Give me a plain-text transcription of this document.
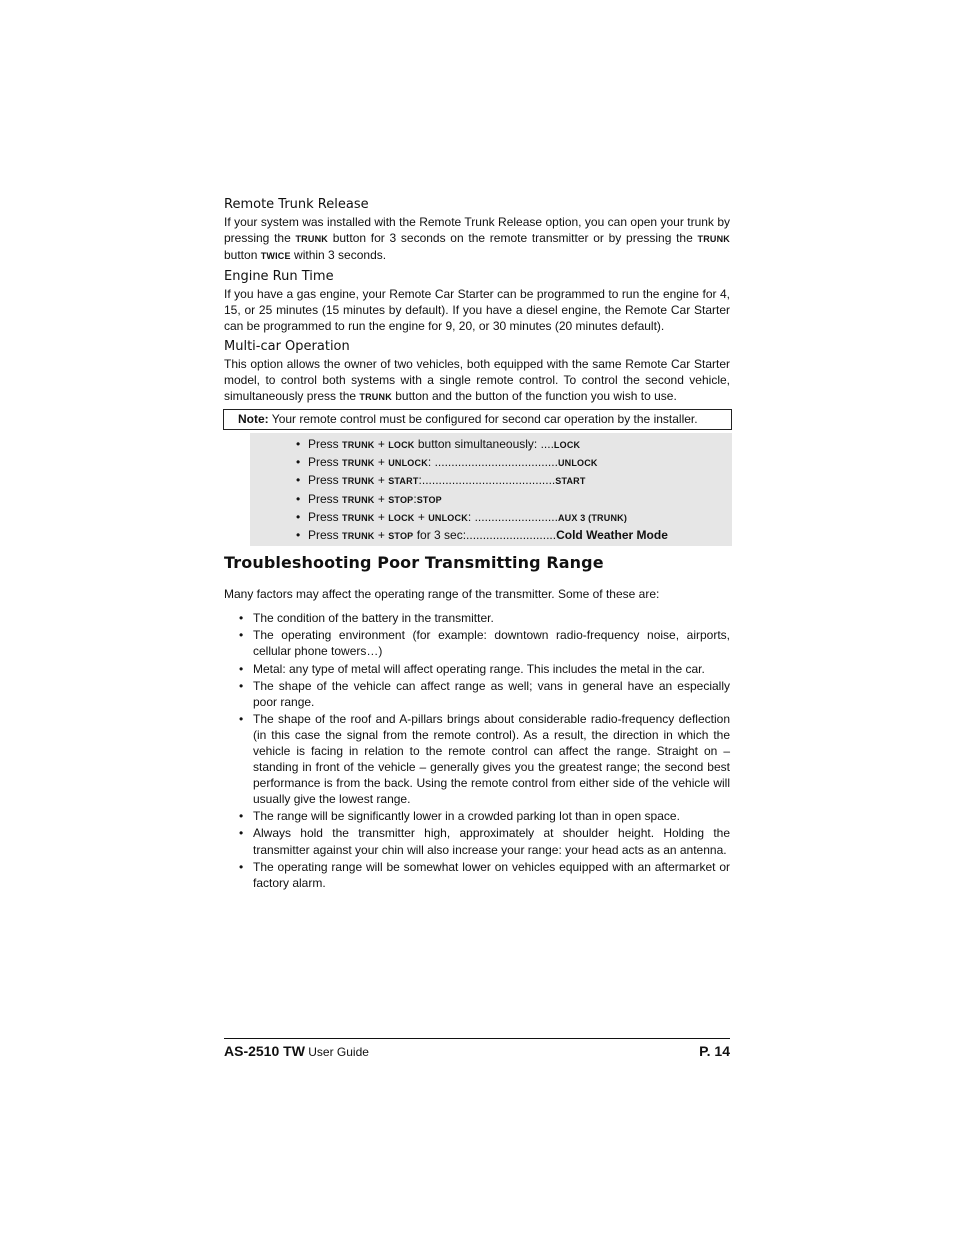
Remote Trunk Release

If your system was installed with the Remote Trunk Release option, you can open your trunk by pressing the TRUNK button for 3 seconds on the remote transmitter or by pressing the TRUNK button TWICE within 3 seconds.

Engine Run Time

If you have a gas engine, your Remote Car Starter can be programmed to run the engine for 4, 15, or 25 minutes (15 minutes by default). If you have a diesel engine, the Remote Car Starter can be programmed to run the engine for 9, 20, or 30 minutes (20 minutes default).

Multi-car Operation

This option allows the owner of two vehicles, both equipped with the same Remote Car Starter model, to control both systems with a single remote control. To control the second vehicle, simultaneously press the TRUNK button and the button of the function you wish to use.

Note: Your remote control must be configured for second car operation by the installer.
• Press TRUNK + LOCK button simultaneously: ....LOCK
• Press TRUNK + UNLOCK: .....................................UNLOCK
• Press TRUNK + START:........................................START
• Press TRUNK + STOP:STOP
• Press TRUNK + LOCK + UNLOCK: .........................AUX 3 (TRUNK)
• Press TRUNK + STOP for 3 sec:...........................Cold Weather Mode
Troubleshooting Poor Transmitting Range

Many factors may affect the operating range of the transmitter. Some of these are:

• The condition of the battery in the transmitter.
• The operating environment (for example: downtown radio-frequency noise, airports, cellular phone towers…)
• Metal: any type of metal will affect operating range. This includes the metal in the car.
• The shape of the vehicle can affect range as well; vans in general have an especially poor range.
• The shape of the roof and A-pillars brings about considerable radio-frequency deflection (in this case the signal from the remote control). As a result, the direction in which the vehicle is facing in relation to the remote control can affect the range. Straight on – standing in front of the vehicle – generally gives you the greatest range; the second best performance is from the back. Using the remote control from either side of the vehicle will usually give the lowest range.
• The range will be significantly lower in a crowded parking lot than in open space.
• Always hold the transmitter high, approximately at shoulder height. Holding the transmitter against your chin will also increase your range: your head acts as an antenna.
• The operating range will be somewhat lower on vehicles equipped with an aftermarket or factory alarm.
AS-2510 TW User Guide	P. 14
